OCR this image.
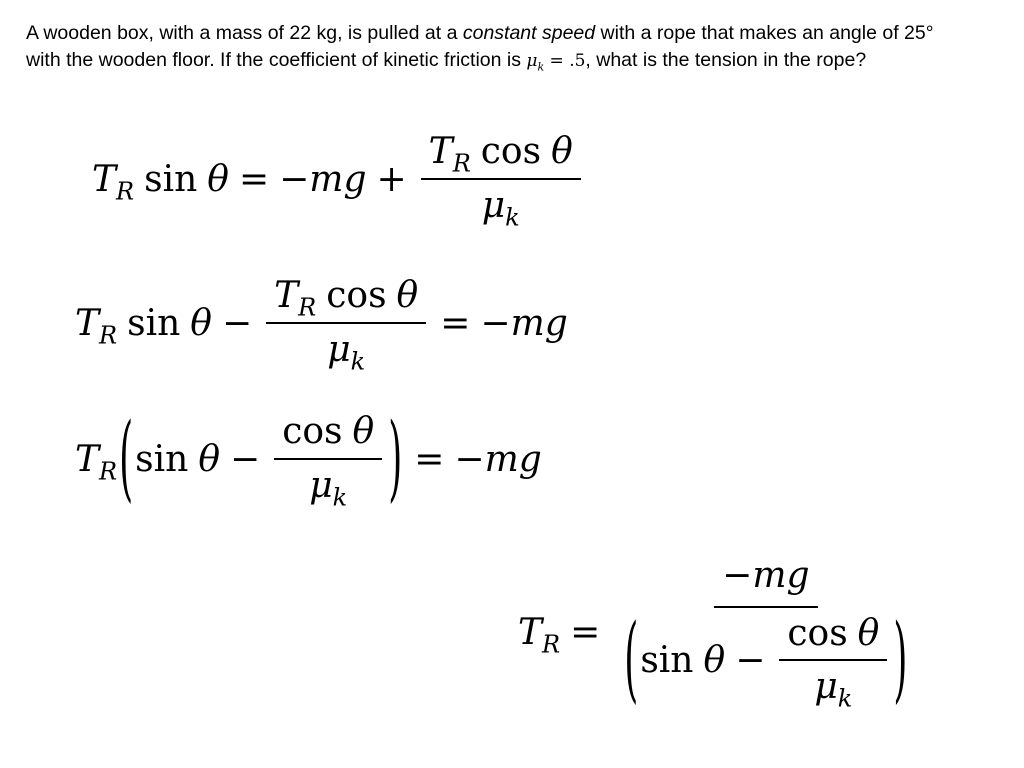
A wooden box, with a mass of 22 kg, is pulled at a constant speed with a rope that makes an angle of 25° with the wooden floor. If the coefficient of kinetic friction is $\mu_k = .5$, what is the tension in the rope?
$T_R$ $\sin \theta = -mg + \frac{T_R \cos \theta}{\mu_k}$
$T_R$ $\sin \theta - \frac{T_R \cos \theta}{\mu_k} = -mg$
$T_R$ ( $\sin \theta - \frac{\text{cos θ}}{\mu_k}$ ) = −mg
$T_R$ =
−mg
( $\sin \theta - \frac{\text{cos θ}}{\mu_k}$ )
